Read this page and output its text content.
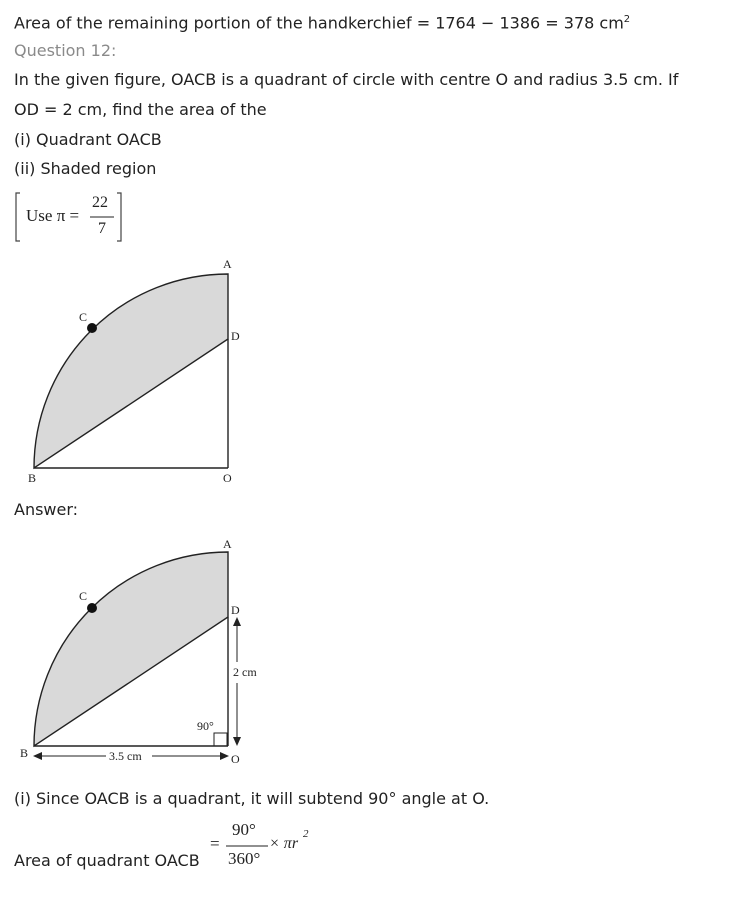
Area of the remaining portion of the handkerchief = 1764 − 1386 = 378 $cm^2$
Question 12:
In the given figure, OACB is a quadrant of circle with centre O and radius 3.5 cm. If
OD = 2 cm, find the area of the
(i) Quadrant OACB
(ii) Shaded region
Use π =
22
7
A
C
D
B	O
Answer:
2 cm
3.5 cm
90°
A
C
D
B	O
(i) Since OACB is a quadrant, it will subtend 90° angle at O.
Area of quadrant OACB
=
90°
360°
× πr
2
